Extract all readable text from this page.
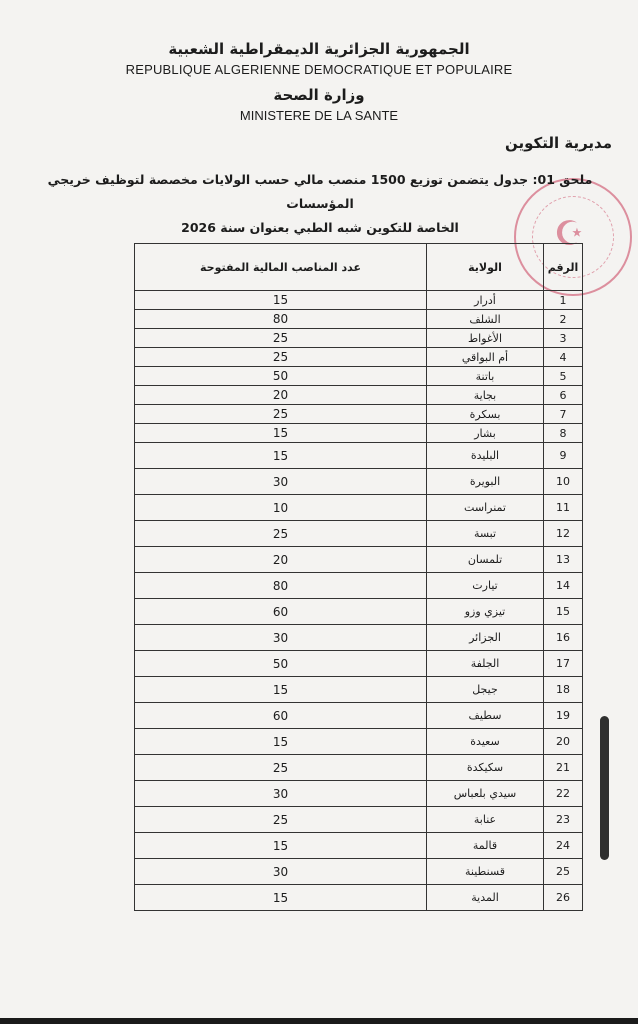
الجمهورية الجزائرية الديمقراطية الشعبية
REPUBLIQUE ALGERIENNE DEMOCRATIQUE ET POPULAIRE
وزارة الصحة
MINISTERE DE LA SANTE
مديرية التكوين
☪
ملحق 01: جدول يتضمن توزيع 1500 منصب مالي حسب الولايات مخصصة لتوظيف خريجي المؤسسات
الخاصة للتكوين شبه الطبي بعنوان سنة 2026
الرقم	الولاية	عدد المناصب المالية المفتوحة
1	أدرار	15
2	الشلف	80
3	الأغواط	25
4	أم البواقي	25
5	باتنة	50
6	بجاية	20
7	بسكرة	25
8	بشار	15
9	البليدة	15
10	البويرة	30
11	تمنراست	10
12	تبسة	25
13	تلمسان	20
14	تيارت	80
15	تيزي وزو	60
16	الجزائر	30
17	الجلفة	50
18	جيجل	15
19	سطيف	60
20	سعيدة	15
21	سكيكدة	25
22	سيدي بلعباس	30
23	عنابة	25
24	قالمة	15
25	قسنطينة	30
26	المدية	15
